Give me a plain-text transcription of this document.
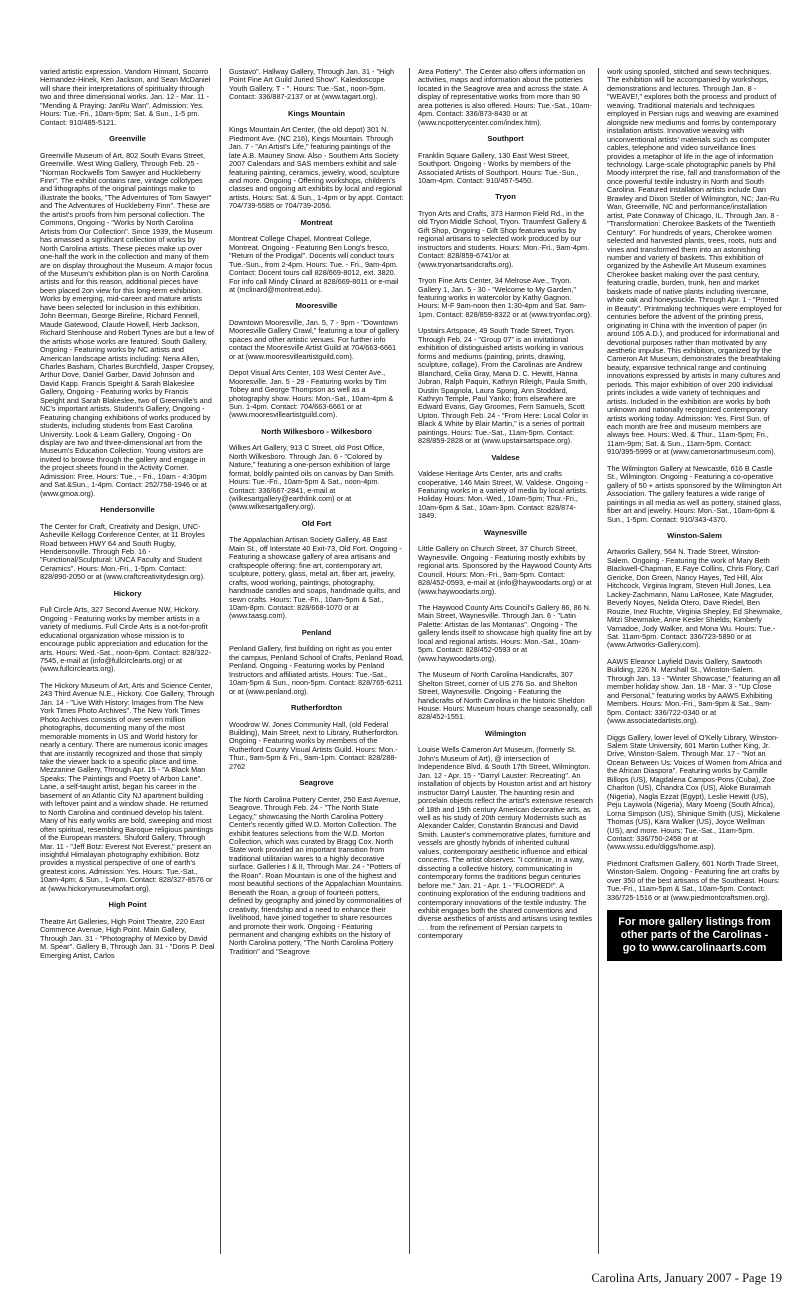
varied artistic expression. Vandorn Hinnant, Socorro Hernandez-Hinek, Ken Jackson, and Sean McDaniel will share their interpretations of spirituality through two and three dimensional works. Jan. 12 - Mar. 11 - "Mending & Praying: JanRu Wan". Admission: Yes. Hours: Tue.-Fri., 10am-5pm; Sat. & Sun., 1-5 pm. Contact: 910/485-5121.

Greenville

Greenville Museum of Art, 802 South Evans Street, Greenville. West Wing Gallery, Through Feb. 25 - "Norman Rockwells Tom Sawyer and Huckleberry Finn". The exhibit contains rare, vintage collotypes and lithographs of the original paintings make to illustrate the books, "The Adventures of Tom Sawyer" and The Adventures of Huckleberry Finn". These are the artist's proofs from him personal collection. The Commons, Ongoing - "Works by North Carolina Artists from Our Collection". Since 1939, the Museum has amassed a significant collection of works by North Carolina artists. These pieces make up over one-half the work in the collection and many of them are on display throughout the Museum. A major focus of the Museum's exhibition plan is on North Carolina artists and for this reason, additional pieces have been placed 2on view for this long-term exhibition. Works by emerging, mid-career and mature artists have been selected for inclusion in this exhibition. John Beerman, George Bireline, Richard Fennell, Maude Gatewood, Claude Howell, Herb Jackson, Richard Stenhouse and Robert Tynes are but a few of the artists whose works are featured. South Gallery, Ongoing - Featuring works by NC artists and American landscape artists including: Nena Allen, Charles Basham, Charles Burchfield, Jasper Cropsey, Arthur Dove, Daniel Garber, David Johnson and David Kapp. Francis Speight & Sarah Blakeslee Gallery, Ongoing - Featuring works by Francis Speight and Sarah Blakeslee, two of Greenville's and NC's important artists. Student's Gallery, Ongoing - Featuring changing exhibitions of works produced by students, including students from East Carolina University. Look & Learn Gallery, Ongoing - On display are two and three-dimensional art from the Museum's Education Collection. Young visitors are invited to browse through the gallery and engage in the project sheets found in the Activity Corner. Admission: Free. Hours: Tue., - Fri., 10am - 4:30pm and Sat.&Sun., 1-4pm. Contact: 252/758-1946 or at (www.gmoa.org).

Hendersonville

The Center for Craft, Creativity and Design, UNC-Asheville Kellogg Conference Center, at 11 Broyles Road between HWY 64 and South Rugby, Hendersonville. Through Feb. 16 - "Functional/Sculptural: UNCA Faculty and Student Ceramics". Hours: Mon.-Fri., 1-5pm. Contact: 828/890-2050 or at (www.craftcreativitydesign.org).

Hickory

Full Circle Arts, 327 Second Avenue NW, Hickory. Ongoing - Featuring works by member artists in a variety of mediums. Full Circle Arts is a not-for-profit educational organization whose mission is to encourage public appreciation and education for the arts. Hours: Wed.-Sat., noon-6pm. Contact: 828/322-7545, e-mail at (info@fullcirclearts.org) or at (www.fullcirclearts.org).

The Hickory Museum of Art, Arts and Science Center, 243 Third Avenue N.E., Hickory. Coe Gallery, Through Jan. 14 - "Live With History: Images from The New York Times Photo Archives". The New York Times Photo Archives consists of over seven million photographs, documenting many of the most memorable moments in US and World history for nearly a century. There are numerous iconic images that are instantly recognized and those that simply take the viewer back to a specific place and time. Mezzanine Gallery, Through Apr. 15 - "A Black Man Speaks: The Paintings and Poetry of Arbon Lane". Lane, a self-taught artist, began his career in the basement of an Atlantic City NJ apartment building with leftover paint and a window shade. He returned to North Carolina and continued develop his talent. Many of his early works are bold, sweeping and most often spiritual, resembling Baroque religious paintings of the European masters. Shuford Gallery, Through Mar. 11 - "Jeff Botz: Everest Not Everest," present an insightful Himalayan photography exhibition. Botz provides a mystical perspective of one of earth's greatest icons. Admission: Yes. Hours: Tue.-Sat., 10am-4pm; & Sun., 1-4pm. Contact: 828/327-8576 or at (www.hickorymuseumofart.org).

High Point

Theatre Art Galleries, High Point Theatre, 220 East Commerce Avenue, High Point. Main Gallery, Through Jan. 31 - "Photography of Mexico by David M. Spear". Gallery B, Through Jan. 31 - "Doris P. Deal Emerging Artist, Carlos

Gustavo". Hallway Gallery, Through Jan. 31 - "High Point Fine Art Guild Juried Show". Kaleidoscope Youth Gallery, T - ". Hours: Tue.-Sat., noon-5pm. Contact: 336/887-2137 or at (www.tagart.org).

Kings Mountain

Kings Mountain Art Center, (the old depot) 301 N. Piedmont Ave. (NC 216), Kings Mountain. Through Jan. 7 - "An Artist's Life," featuring paintings of the late A.B. Mauney Snow. Also - Southern Arts Society 2007 Calendars and SAS members exhibit and sale featuring painting, ceramics, jewelry, wood, sculpture and more. Ongoing - Offering workshops, children's classes and ongoing art exhibits by local and regional artists. Hours: Sat. & Sun., 1-4pm or by appt. Contact: 704/739-5585 or 704/739-2056.

Montreat

Montreat College Chapel, Montreat College, Montreat. Ongoing - Featuring Ben Long's fresco, "Return of the Prodigal". Docents will conduct tours Tue.-Sun., from 2-4pm. Hours: Tue. - Fri., 9am-4pm. Contact: Docent tours call 828/669-8012, ext. 3820. For info call Mindy Clinard at 828/669-8011 or e-mail at (mclinard@montreat.edu).

Mooresville

Downtown Mooresville, Jan. 5, 7 - 9pm - "Downtown Mooresville Gallery Crawl," featuring a tour of gallery spaces and other artistic venues. For further info contact the Mooresville Artist Guild at 704/663-6661 or at (www.mooresvilleartistguild.com).

Depot Visual Arts Center, 103 West Center Ave., Mooresville. Jan. 5 - 29 - Featuring works by Tim Tobey and George Thompson as well as a photography show. Hours: Mon.-Sat., 10am-4pm & Sun. 1-4pm. Contact: 704/663-6661 or at (www.mooresvilleartistguild.com).

North Wilkesboro - Wilkesboro

Wilkes Art Gallery, 913 C Street, old Post Office, North Wilkesboro. Through Jan. 6 - "Colored by Nature," featuring a one-person exhibition of large format, boldly painted oils on canvas by Dan Smith. Hours: Tue.-Fri., 10am-5pm & Sat., noon-4pm. Contact: 336/667-2841, e-mail at (wilkesartgallery@earthlink.com) or at (www.wilkesartgallery.org).

Old Fort

The Appalachian Artisan Society Gallery, 48 East Main St., off Interstate 40 Exit-73, Old Fort. Ongoing - Featuring a showcase gallery of area artisans and craftspeople offering: fine art, contemporary art, sculpture, pottery, glass, metal art, fiber art, jewelry, crafts, wood working, paintings, photography, handmade candles and soaps, handmade quilts, and sewn crafts. Hours: Tue.-Fri., 10am-5pm & Sat., 10am-8pm. Contact: 828/668-1070 or at (www.taasg.com).

Penland

Penland Gallery, first building on right as you enter the campus, Penland School of Crafts, Penland Road, Penland. Ongoing - Featuring works by Penland Instructors and affiliated artists. Hours: Tue.-Sat., 10am-5pm & Sun., noon-5pm. Contact: 828/765-6211 or at (www.penland.org).

Rutherfordton

Woodrow W. Jones Community Hall, (old Federal Building), Main Street, next to Library, Rutherfordton. Ongoing - Featuring works by members of the Rutherford County Visual Artists Guild. Hours: Mon.-Thur., 9am-5pm & Fri., 9am-1pm. Contact: 828/288-2762

Seagrove

The North Carolina Pottery Center, 250 East Avenue, Seagrove. Through Feb. 24 - "The North State Legacy," showcasing the North Carolina Pottery Center's recently gifted W.D. Morton Collection. The exhibit features selections from the W.D. Morton Collection, which was curated by Bragg Cox. North State work provided an important transition from traditional utilitarian wares to a highly decorative surface. Galleries I & II, Through Mar. 24 - "Potters of the Roan". Roan Mountain is one of the highest and most beautiful sections of the Appalachian Mountains. Beneath the Roan, a group of fourteen potters, defined by geography and joined by commonalities of creativity, friendship and a need to enhance their livelihood, have joined together to share resources and promote their work. Ongoing - Featuring permanent and changing exhibits on the history of North Carolina pottery, "The North Carolina Pottery Tradition" and "Seagrove

Area Pottery". The Center also offers information on activities, maps and information about the potteries located in the Seagrove area and across the state. A display of representative works from more than 90 area potteries is also offered. Hours: Tue.-Sat., 10am-4pm. Contact: 336/873-8430 or at (www.ncpotterycenter.com/index.htm).

Southport

Franklin Square Gallery, 130 East West Street, Southport. Ongoing - Works by members of the Associated Artists of Southport. Hours: Tue.-Sun., 10am-4pm. Contact: 910/457-5450.

Tryon

Tryon Arts and Crafts, 373 Harmon Field Rd., in the old Tryon Middle School, Tryon. Traumfest Gallery & Gift Shop, Ongoing - Gift Shop features works by regional artisans to selected work produced by our instructors and students. Hours: Mon.-Fri., 9am-4pm. Contact: 828/859-6741/or at (www.tryonartsandcrafts.org).

Tryon Fine Arts Center, 34 Melrose Ave., Tryon. Gallery 1, Jan. 5 - 30 - "Welcome to My Garden," featuring works in watercolor by Kathy Gagnon. Hours: M-F 9am-noon then 1:30-4pm and Sat. 9am-1pm. Contact: 828/859-8322 or at (www.tryonfac.org).

Upstairs Artspace, 49 South Trade Street, Tryon. Through Feb. 24 - "Group 07" is an invitational exhibition of distinguished artists working in various forms and mediums (painting, prints, drawing, sculpture, collage). From the Carolinas are Andrew Blanchard, Celia Gray, Mana D. C. Hewitt, Hanna Jubran, Ralph Paquin, Kathryn Rileigh, Paula Smith, Dustin Spagnola, Laura Spong, Ann Stoddard, Kathryn Temple, Paul Yanko; from elsewhere are Edward Evans, Gay Groomes, Fern Samuels, Scott Upton. Through Feb. 24 - "From Here: Local Color in Black & White by Blair Martin," is a series of portrait paintings. Hours: Tue.-Sat., 11am-5pm. Contact: 828/859-2828 or at (www.upstairsartspace.org).

Valdese

Valdese Heritage Arts Center, arts and crafts cooperative, 146 Main Street, W. Valdese. Ongoing - Featuring works in a variety of media by local artists. Holiday Hours: Mon.-Wed., 10am-5pm; Thur.-Fri., 10am-6pm & Sat., 10am-3pm. Contact: 828/874-1849.

Waynesville

Little Gallery on Church Street, 37 Church Street, Waynesville. Ongoing - Featuring mostly exhibits by regional arts. Sponsored by the Haywood County Arts Council. Hours: Mon.-Fri., 9am-5pm. Contact: 828/452-0593, e-mail at (info@haywoodarts.org) or at (www.haywoodarts.org).

The Haywood County Arts Council's Gallery 86, 86 N. Main Street, Waynesville. Through Jan. 6 - "Latin Palette: Artistas de las Montanas". Ongoing - The gallery lends itself to showcase high quality fine art by local and regional artists. Hours: Mon.-Sat., 10am-5pm. Contact: 828/452-0593 or at (www.haywoodarts.org).

The Museum of North Carolina Handicrafts, 307 Shelton Street, corner of US 276 So. and Shelton Street, Waynesville. Ongoing - Featuring the handicrafts of North Carolina in the historic Sheldon House. Hours: Museum hours change seasonally, call 828/452-1551.

Wilmington

Louise Wells Cameron Art Museum, (formerly St. John's Museum of Art), @ intersection of Independence Blvd. & South 17th Street, Wilmington. Jan. 12 - Apr. 15 - "Darryl Lauster: Recreating". An installation of objects by Houston artist and art history instructor Darryl Lauster. The haunting resin and porcelain objects reflect the artist's extensive research of 18th and 19th century American decorative arts, as well as his study of 20th century Modernists such as Alexander Calder, Constantin Brancusi and David Smith. Lauster's commemorative plates, furniture and vessels are ghostly hybrids of inherited cultural values, contemporary aesthetic influence and ethical concerns. The artist observes: "I continue, in a way, dissecting a collective history, communicating in contemporary forms the traditions begun centuries before me." Jan. 21 - Apr. 1 - "FLOORED!". A continuing exploration of the enduring traditions and contemporary innovations of the textile industry. The exhibit engages both the shared conventions and diverse aesthetics of artists and artisans using textiles . . . from the refinement of Persian carpets to contemporary

work using spooled, stitched and sewn techniques. The exhibition will be accompanied by workshops, demonstrations and lectures. Through Jan. 8 - "WEAVE!," explores both the process and product of weaving. Traditional materials and techniques employed in Persian rugs and weaving are examined alongside new mediums and forms by contemporary installation artists. Innovative weaving with unconventional artists' materials such as computer cables, telephone and video surveillance lines provides a metaphor of life in the age of information technology. Large-scale photographic panels by Phil Moody interpret the rise, fall and transformation of the once powerful textile industry in North and South Carolina. Featured installation artists include Dan Brawley and Dixon Stetler of Wilmington, NC; Jan-Ru Wan, Greenville, NC and performance/installation artist, Pate Conaway of Chicago, IL. Through Jan. 8 - "Transformation: Cherokee Baskets of the Twentieth Century". For hundreds of years, Cherokee women selected and harvested plants, trees, roots, nuts and vines and transformed them into an astonishing number and variety of baskets. This exhibition of organized by the Asheville Art Museum examines Cherokee basket making over the past century, featuring cradle, burden, trunk, hen and market baskets made of native plants including rivercane, white oak and honeysuckle. Through Apr. 1 - "Printed in Beauty". Printmaking techniques were employed for centuries before the advent of the printing press, originating in China with the invention of paper (in around 105 A.D.), and produced for informational and devotional purposes rather than motivated by any aesthetic impulse. This exhibition, organized by the Cameron Art Museum, demonstrates the breathtaking beauty, expansive technical range and continuing innovations expressed by artists in many cultures and periods. This major exhibition of over 200 individual prints includes a wide variety of techniques and artists. Included in the exhibition are works by both unknown and nationally recognized contemporary artists working today. Admission: Yes. First Sun. of each month are free and museum members are always free. Hours: Wed. & Thur., 11am-5pm; Fri., 11am-9pm; Sat. & Sun., 11am-5pm. Contact: 910/395-5999 or at (www.cameronartmuseum.com).

The Wilmington Gallery at Newcastle, 616 B Castle St., Wilmington. Ongoing - Featuring a co-operative gallery of 50 + artists sponsored by the Wilmington Art Association. The gallery features a wide range of paintings in all media as well as pottery, stained glass, fiber art and jewelry. Hours: Mon.-Sat., 10am-6pm & Sun., 1-5pm. Contact: 910/343-4370.

Winston-Salem

Artworks Gallery, 564 N. Trade Street, Winston-Salem. Ongoing - Featuring the work of Mary Beth Blackwell-Chapman, E.Faye Collins, Chris Flory, Carl Gericke, Don Green, Nancy Hayes, Ted Hill, Alix Hitchcock, Virginia Ingram, Steven Hull Jones, Lea Lackey-Zachmann, Nanu LaRosee, Kate Magruder, Beverly Noyes, Nelida Otero, Dave Riedel, Ben Rouzie, Inez Ruchte, Virginia Shepley, Ed Shewmake, Mitzi Shewmake, Anne Kesler Shields, Kimberly Varnadoe, Jody Walker, and Mona Wu. Hours: Tue.- Sat. 11am-5pm. Contact: 336/723-5890 or at (www.Artworks-Gallery.com).

AAWS Eleanor Layfield Davis Gallery, Sawtooth Building, 226 N. Marshall St., Winston-Salem. Through Jan. 13 - "Winter Showcase," featuring an all member holiday show. Jan. 18 - Mar. 3 - "Up Close and Personal," featuring works by AAWS Exhibiting Members. Hours: Mon.-Fri., 9am-9pm & Sat., 9am-5pm. Contact: 336/722-0340 or at (www.associatedartists.org).

Diggs Gallery, lower level of O'Kelly Library, Winston-Salem State University, 601 Martin Luther King, Jr. Drive, Winston-Salem. Through Mar. 17 - "Not an Ocean Between Us: Voices of Women from Africa and the African Diaspora". Featuring works by Camille Billops (US), Magdalena Campos-Pons (Cuba), Zoe Charlton (US), Chandra Cox (US), Aloke Buraimah (Nigeria), Nagla Ezzat (Egypt), Leslie Hewitt (US), Peju Layiwola (Nigeria), Mary Moeng (South Africa), Lorna Simpson (US), Shinique Smith (US), Mickalene Thomas (US), Kara Walker (US), Joyce Wellman (US), and more. Hours: Tue.-Sat., 11am-5pm. Contact: 336/750-2458 or at (www.wssu.edu/diggs/home.asp).

Piedmont Craftsmen Gallery, 601 North Trade Street, Winston-Salem. Ongoing - Featuring fine art crafts by over 350 of the best artisans of the Southeast. Hours: Tue.-Fri., 11am-5pm & Sat., 10am-5pm. Contact: 336/725-1516 or at (www.piedmontcraftsmen.org).

For more gallery listings from other parts of the Carolinas - go to www.carolinaarts.com
Carolina Arts, January 2007 - Page 19
